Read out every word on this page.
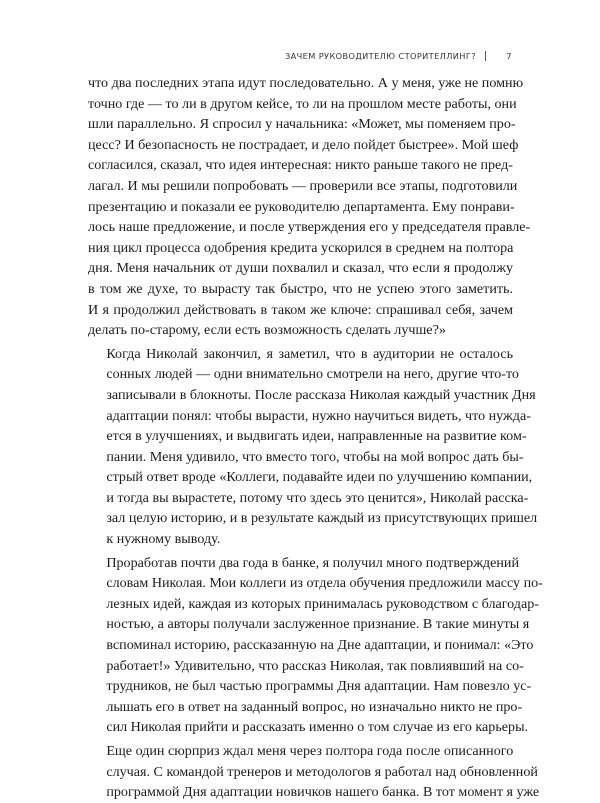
ЗАЧЕМ РУКОВОДИТЕЛЮ СТОРИТЕЛЛИНГ?	7

что два последних этапа идут последовательно. А у меня, уже не помню
точно где — то ли в другом кейсе, то ли на прошлом месте работы, они
шли параллельно. Я спросил у начальника: «Может, мы поменяем про-
цесс? И безопасность не пострадает, и дело пойдет быстрее». Мой шеф
согласился, сказал, что идея интересная: никто раньше такого не пред-
лагал. И мы решили попробовать — проверили все этапы, подготовили
презентацию и показали ее руководителю департамента. Ему понрави-
лось наше предложение, и после утверждения его у председателя правле-
ния цикл процесса одобрения кредита ускорился в среднем на полтора
дня. Меня начальник от души похвалил и сказал, что если я продолжу
в том же духе, то вырасту так быстро, что не успею этого заметить.
И я продолжил действовать в таком же ключе: спрашивал себя, зачем
делать по-старому, если есть возможность сделать лучше?»

Когда Николай закончил, я заметил, что в аудитории не осталось
сонных людей — одни внимательно смотрели на него, другие что-то
записывали в блокноты. После рассказа Николая каждый участник Дня
адаптации понял: чтобы вырасти, нужно научиться видеть, что нужда-
ется в улучшениях, и выдвигать идеи, направленные на развитие ком-
пании. Меня удивило, что вместо того, чтобы на мой вопрос дать бы-
стрый ответ вроде «Коллеги, подавайте идеи по улучшению компании,
и тогда вы вырастете, потому что здесь это ценится», Николай расска-
зал целую историю, и в результате каждый из присутствующих пришел
к нужному выводу.

Проработав почти два года в банке, я получил много подтверждений
словам Николая. Мои коллеги из отдела обучения предложили массу по-
лезных идей, каждая из которых принималась руководством с благодар-
ностью, а авторы получали заслуженное признание. В такие минуты я
вспоминал историю, рассказанную на Дне адаптации, и понимал: «Это
работает!» Удивительно, что рассказ Николая, так повлиявший на со-
трудников, не был частью программы Дня адаптации. Нам повезло ус-
лышать его в ответ на заданный вопрос, но изначально никто не про-
сил Николая прийти и рассказать именно о том случае из его карьеры.

Еще один сюрприз ждал меня через полтора года после описанного
случая. С командой тренеров и методологов я работал над обновленной
программой Дня адаптации новичков нашего банка. В тот момент я уже
